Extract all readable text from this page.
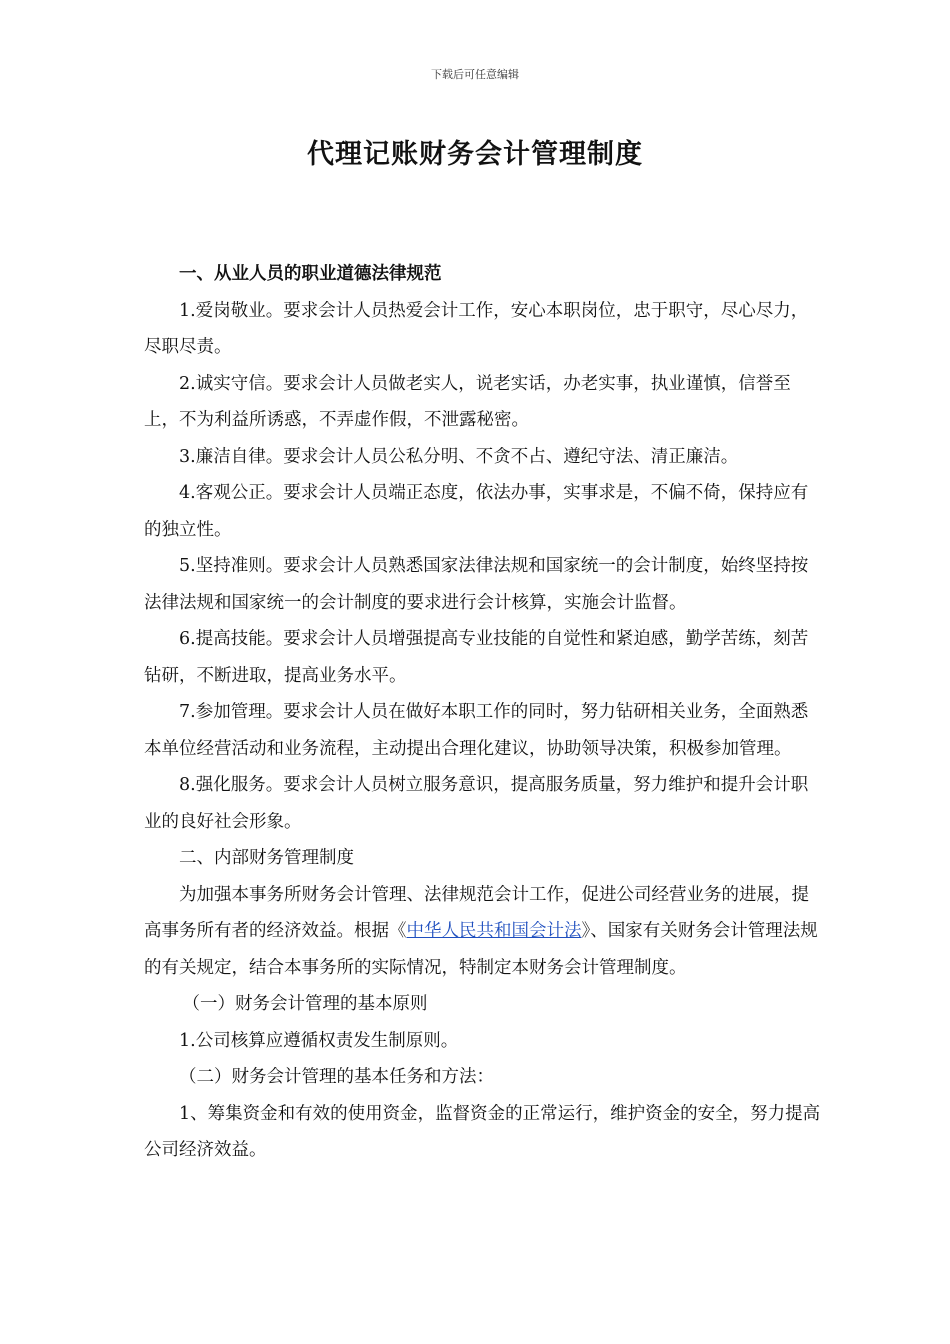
下载后可任意编辑
代理记账财务会计管理制度

一、从业人员的职业道德法律规范

1.爱岗敬业。要求会计人员热爱会计工作，安心本职岗位，忠于职守，尽心尽力，尽职尽责。

2.诚实守信。要求会计人员做老实人，说老实话，办老实事，执业谨慎，信誉至上，不为利益所诱惑，不弄虚作假，不泄露秘密。

3.廉洁自律。要求会计人员公私分明、不贪不占、遵纪守法、清正廉洁。

4.客观公正。要求会计人员端正态度，依法办事，实事求是，不偏不倚，保持应有的独立性。

5.坚持准则。要求会计人员熟悉国家法律法规和国家统一的会计制度，始终坚持按法律法规和国家统一的会计制度的要求进行会计核算，实施会计监督。

6.提高技能。要求会计人员增强提高专业技能的自觉性和紧迫感，勤学苦练，刻苦钻研，不断进取，提高业务水平。

7.参加管理。要求会计人员在做好本职工作的同时，努力钻研相关业务，全面熟悉本单位经营活动和业务流程，主动提出合理化建议，协助领导决策，积极参加管理。

8.强化服务。要求会计人员树立服务意识，提高服务质量，努力维护和提升会计职业的良好社会形象。

二、内部财务管理制度

为加强本事务所财务会计管理、法律规范会计工作，促进公司经营业务的进展，提高事务所有者的经济效益。根据《中华人民共和国会计法》、国家有关财务会计管理法规的有关规定，结合本事务所的实际情况，特制定本财务会计管理制度。

（一）财务会计管理的基本原则

1.公司核算应遵循权责发生制原则。

（二）财务会计管理的基本任务和方法：

1、筹集资金和有效的使用资金，监督资金的正常运行，维护资金的安全，努力提高公司经济效益。
